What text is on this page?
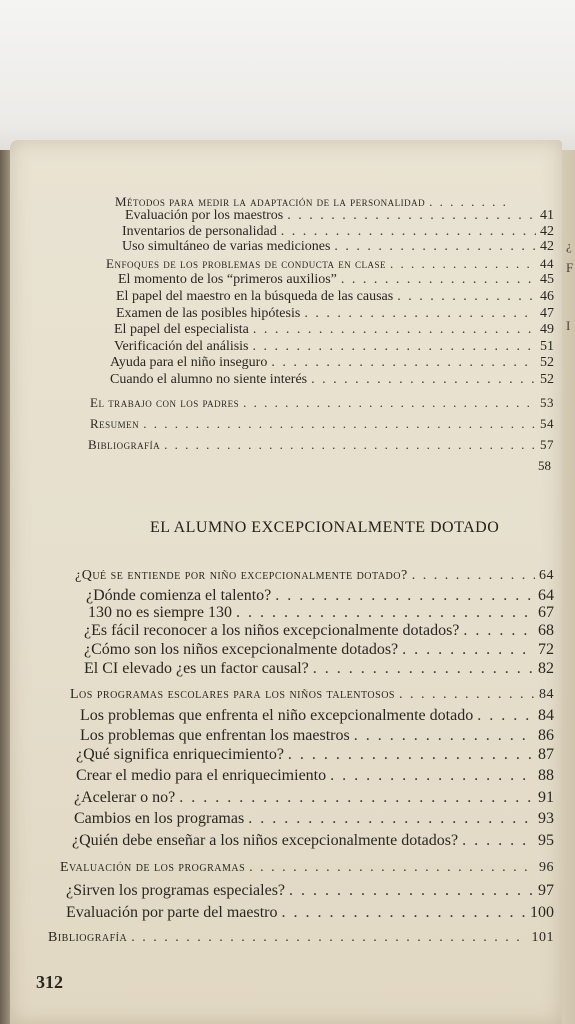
¿
F
I
Métodos para medir la adaptación de la personalidad
. . .
Evaluación por los maestros . . .	41
Inventarios de personalidad . . .	42
Uso simultáneo de varias mediciones . . .	42
Enfoques de los problemas de conducta en clase . . .	44
El momento de los “primeros auxilios” . . .	45
El papel del maestro en la búsqueda de las causas . . .	46
Examen de las posibles hipótesis . . .	47
El papel del especialista . . .	49
Verificación del análisis . . .	51
Ayuda para el niño inseguro . . .	52
Cuando el alumno no siente interés . . .	52
El trabajo con los padres . . .	53
Resumen . . .	54
Bibliografía . . .	57
58
EL ALUMNO EXCEPCIONALMENTE DOTADO
¿Qué se entiende por niño excepcionalmente dotado? . . .	64
¿Dónde comienza el talento? . . .	64
130 no es siempre 130 . . .	67
¿Es fácil reconocer a los niños excepcionalmente dotados? . . .	68
¿Cómo son los niños excepcionalmente dotados? . . .	72
El CI elevado ¿es un factor causal? . . .	82
Los programas escolares para los niños talentosos . . .	84
Los problemas que enfrenta el niño excepcionalmente dotado . . .	84
Los problemas que enfrentan los maestros . . .	86
¿Qué significa enriquecimiento? . . .	87
Crear el medio para el enriquecimiento . . .	88
¿Acelerar o no? . . .	91
Cambios en los programas . . .	93
¿Quién debe enseñar a los niños excepcionalmente dotados? . . .	95
Evaluación de los programas . . .	96
¿Sirven los programas especiales? . . .	97
Evaluación por parte del maestro . . .	100
Bibliografía . . .	101
312
